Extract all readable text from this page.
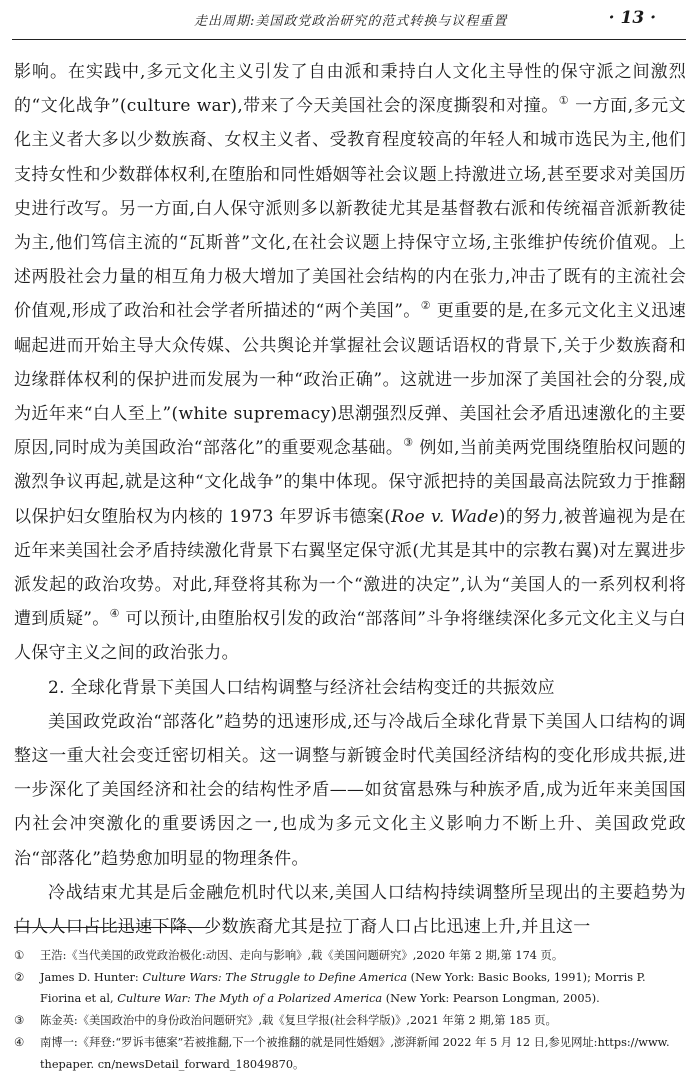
走出周期:美国政党政治研究的范式转换与议程重置	· 13 ·

影响。在实践中,多元文化主义引发了自由派和秉持白人文化主导性的保守派之间激烈的“文化战争”(culture war),带来了今天美国社会的深度撕裂和对撞。① 一方面,多元文化主义者大多以少数族裔、女权主义者、受教育程度较高的年轻人和城市选民为主,他们支持女性和少数群体权利,在堕胎和同性婚姻等社会议题上持激进立场,甚至要求对美国历史进行改写。另一方面,白人保守派则多以新教徒尤其是基督教右派和传统福音派新教徒为主,他们笃信主流的“瓦斯普”文化,在社会议题上持保守立场,主张维护传统价值观。上述两股社会力量的相互角力极大增加了美国社会结构的内在张力,冲击了既有的主流社会价值观,形成了政治和社会学者所描述的“两个美国”。② 更重要的是,在多元文化主义迅速崛起进而开始主导大众传媒、公共舆论并掌握社会议题话语权的背景下,关于少数族裔和边缘群体权利的保护进而发展为一种“政治正确”。这就进一步加深了美国社会的分裂,成为近年来“白人至上”(white supremacy)思潮强烈反弹、美国社会矛盾迅速激化的主要原因,同时成为美国政治“部落化”的重要观念基础。③ 例如,当前美两党围绕堕胎权问题的激烈争议再起,就是这种“文化战争”的集中体现。保守派把持的美国最高法院致力于推翻以保护妇女堕胎权为内核的 1973 年罗诉韦德案(Roe v. Wade)的努力,被普遍视为是在近年来美国社会矛盾持续激化背景下右翼坚定保守派(尤其是其中的宗教右翼)对左翼进步派发起的政治攻势。对此,拜登将其称为一个“激进的决定”,认为“美国人的一系列权利将遭到质疑”。④ 可以预计,由堕胎权引发的政治“部落间”斗争将继续深化多元文化主义与白人保守主义之间的政治张力。

2. 全球化背景下美国人口结构调整与经济社会结构变迁的共振效应

美国政党政治“部落化”趋势的迅速形成,还与冷战后全球化背景下美国人口结构的调整这一重大社会变迁密切相关。这一调整与新镀金时代美国经济结构的变化形成共振,进一步深化了美国经济和社会的结构性矛盾——如贫富悬殊与种族矛盾,成为近年来美国国内社会冲突激化的重要诱因之一,也成为多元文化主义影响力不断上升、美国政党政治“部落化”趋势愈加明显的物理条件。

冷战结束尤其是后金融危机时代以来,美国人口结构持续调整所呈现出的主要趋势为白人人口占比迅速下降、少数族裔尤其是拉丁裔人口占比迅速上升,并且这一

① 王浩:《当代美国的政党政治极化:动因、走向与影响》,载《美国问题研究》,2020 年第 2 期,第 174 页。

② James D. Hunter: Culture Wars: The Struggle to Define America (New York: Basic Books, 1991); Morris P. Fiorina et al, Culture War: The Myth of a Polarized America (New York: Pearson Longman, 2005).

③ 陈金英:《美国政治中的身份政治问题研究》,载《复旦学报(社会科学版)》,2021 年第 2 期,第 185 页。

④ 南博一:《拜登:“罗诉韦德案”若被推翻,下一个被推翻的就是同性婚姻》,澎湃新闻 2022 年 5 月 12 日,参见网址:https://www. thepaper. cn/newsDetail_forward_18049870。
